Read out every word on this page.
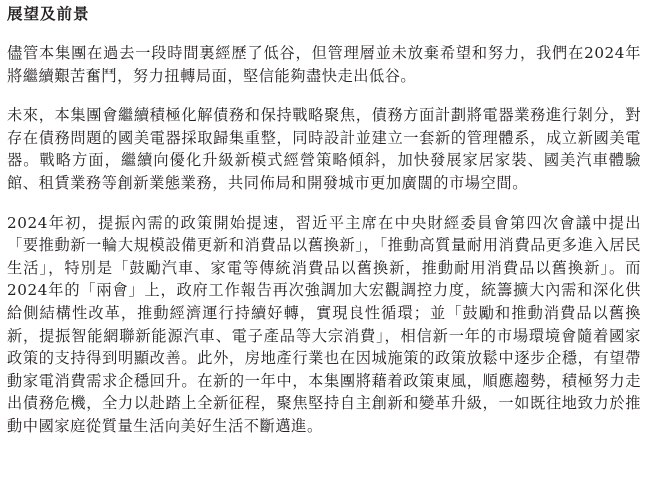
展望及前景

儘管本集團在過去一段時間裏經歷了低谷，但管理層並未放棄希望和努力，我們在2024年將繼續艱苦奮鬥，努力扭轉局面，堅信能夠盡快走出低谷。

未來，本集團會繼續積極化解債務和保持戰略聚焦，債務方面計劃將電器業務進行剝分，對存在債務問題的國美電器採取歸集重整，同時設計並建立一套新的管理體系，成立新國美電器。戰略方面，繼續向優化升級新模式經營策略傾斜，加快發展家居家裝、國美汽車體驗館、租賃業務等創新業態業務，共同佈局和開發城市更加廣闊的市場空間。

2024年初，提振內需的政策開始提速，習近平主席在中央財經委員會第四次會議中提出「要推動新一輪大規模設備更新和消費品以舊換新」，「推動高質量耐用消費品更多進入居民生活」，特別是「鼓勵汽車、家電等傳統消費品以舊換新，推動耐用消費品以舊換新」。而2024年的「兩會」上，政府工作報告再次強調加大宏觀調控力度，統籌擴大內需和深化供給側結構性改革，推動經濟運行持續好轉，實現良性循環；並「鼓勵和推動消費品以舊換新，提振智能網聯新能源汽車、電子產品等大宗消費」，相信新一年的市場環境會隨着國家政策的支持得到明顯改善。此外，房地產行業也在因城施策的政策放鬆中逐步企穩，有望帶動家電消費需求企穩回升。在新的一年中，本集團將藉着政策東風，順應趨勢，積極努力走出債務危機，全力以赴踏上全新征程，聚焦堅持自主創新和變革升級，一如既往地致力於推動中國家庭從質量生活向美好生活不斷邁進。
